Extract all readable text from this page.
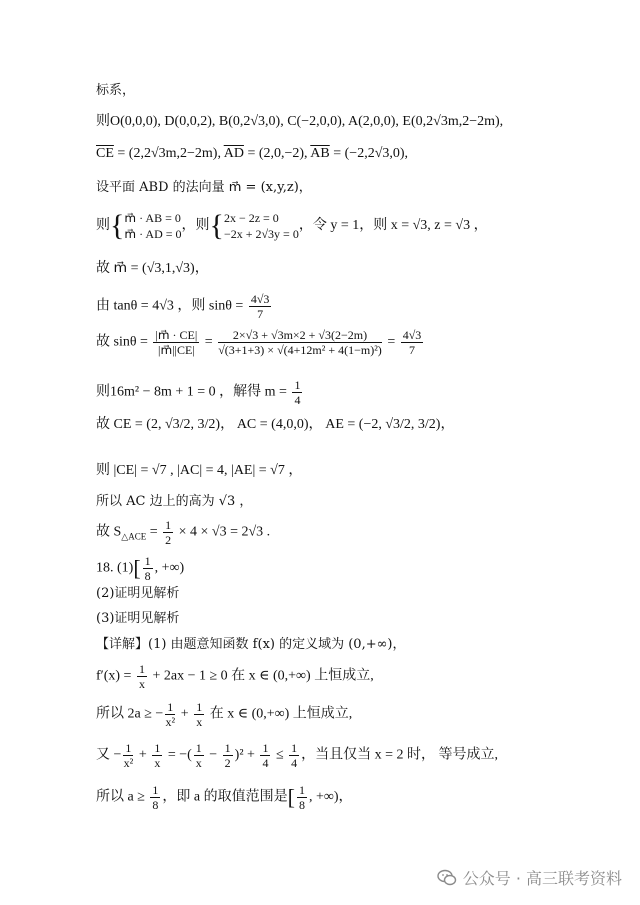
标系，
则O(0,0,0), D(0,0,2), B(0,2√3,0), C(−2,0,0), A(2,0,0), E(0,2√3m,2−2m),
$\overline{CE} = (2,2√3m,2-2m)$, $\overline{AD} = (2,0,-2)$, $\overline{AB} = (-2,2√3,0)$,
设平面 ABD 的法向量 m⃗ = (x,y,z)，
则{ m⃗ · AB = 0
m⃗ · AD = 0
，则{ 2x − 2z = 0
−2x + 2√3y = 0
，令 y = 1，则 x = √3, z = √3 ，
故 m⃗ = (√3,1,√3)，
由 tanθ = 4√3 ，则 $\sin\theta = \frac{4√3}{7}$
故 $\sin\theta = \frac{|m⃗ \cdot CE|}{|m⃗||CE|} = \frac{2\times√3 + √3m\times 2 + √3(2-2m)}{\text{√(3+1+3) × √(4+12m² + 4(1−m)²)}} = \frac{4√3}{7}$
则16m² − 8m + 1 = 0 ，解得 $m = \frac{1}{4}$
故 CE = (2, √3/2, 3/2)， AC = (4,0,0)， AE = (−2, √3/2, 3/2)，
则 |CE| = √7 , |AC| = 4, |AE| = √7 ，
所以 AC 边上的高为 √3 ，
故 $S_{\triangle ACE} = \frac{1}{2} \times 4 \times √3 = 2√3$ .
18. $(1)[ \frac{1}{8}$ , +∞)
(2)证明见解析
(3)证明见解析
【详解】(1) 由题意知函数 f(x) 的定义域为 (0,+∞)，
$f'(x) = \frac{1}{x} + 2ax - 1 \ge 0$ 在 x ∈ (0,+∞) 上恒成立,
所以 2a ≥ − $\frac{1}{\text{x²}} + \frac{1}{x}$ 在 x ∈ (0,+∞) 上恒成立,
又 − $\frac{1}{\text{x²}} + \frac{1}{x}$ = −( $\frac{1}{x} - \frac{1}{2} )^2 + \frac{1}{4} \le \frac{1}{4}$ ，当且仅当 x = 2 时， 等号成立,
所以 $a \ge \frac{1}{8}$ ，即 a 的取值范围是[ $\frac{1}{8}$ , +∞)，
公众号 · 高三联考资料
